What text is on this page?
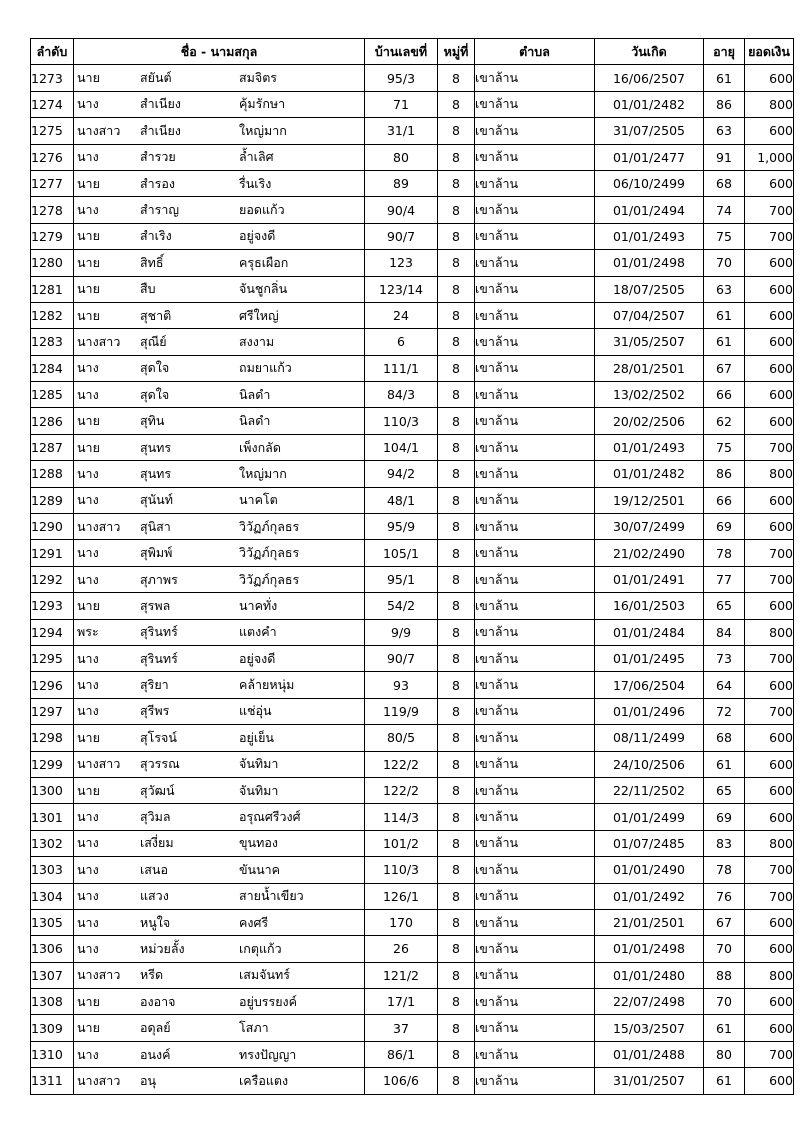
ลำดับ	ชื่อ - นามสกุล	บ้านเลขที่	หมู่ที่	ตำบล	วันเกิด	อายุ	ยอดเงิน
1273	นาย สยันต์ สมจิตร	95/3	8	เขาล้าน	16/06/2507	61	600
1274	นาง สำเนียง คุ้มรักษา	71	8	เขาล้าน	01/01/2482	86	800
1275	นางสาว สำเนียง ใหญ่มาก	31/1	8	เขาล้าน	31/07/2505	63	600
1276	นาง สำรวย ล้ำเลิศ	80	8	เขาล้าน	01/01/2477	91	1,000
1277	นาย สำรอง รื่นเริง	89	8	เขาล้าน	06/10/2499	68	600
1278	นาง สำราญ ยอดแก้ว	90/4	8	เขาล้าน	01/01/2494	74	700
1279	นาย สำเริง อยู่จงดี	90/7	8	เขาล้าน	01/01/2493	75	700
1280	นาย สิทธิ์ ครุธเผือก	123	8	เขาล้าน	01/01/2498	70	600
1281	นาย สืบ จันชูกลิ่น	123/14	8	เขาล้าน	18/07/2505	63	600
1282	นาย สุชาติ ศรีใหญ่	24	8	เขาล้าน	07/04/2507	61	600
1283	นางสาว สุณีย์ สงงาม	6	8	เขาล้าน	31/05/2507	61	600
1284	นาง สุดใจ ถมยาแก้ว	111/1	8	เขาล้าน	28/01/2501	67	600
1285	นาง สุดใจ นิลดำ	84/3	8	เขาล้าน	13/02/2502	66	600
1286	นาย สุทิน นิลดำ	110/3	8	เขาล้าน	20/02/2506	62	600
1287	นาย สุนทร เพ็งกลัด	104/1	8	เขาล้าน	01/01/2493	75	700
1288	นาง สุนทร ใหญ่มาก	94/2	8	เขาล้าน	01/01/2482	86	800
1289	นาง สุนันท์ นาคโต	48/1	8	เขาล้าน	19/12/2501	66	600
1290	นางสาว สุนิสา วิวัฏภ์กุลธร	95/9	8	เขาล้าน	30/07/2499	69	600
1291	นาง สุพิมพ์ วิวัฏภ์กุลธร	105/1	8	เขาล้าน	21/02/2490	78	700
1292	นาง สุภาพร วิวัฏภ์กุลธร	95/1	8	เขาล้าน	01/01/2491	77	700
1293	นาย สุรพล นาคทั่ง	54/2	8	เขาล้าน	16/01/2503	65	600
1294	พระ สุรินทร์ แตงคำ	9/9	8	เขาล้าน	01/01/2484	84	800
1295	นาง สุรินทร์ อยู่จงดี	90/7	8	เขาล้าน	01/01/2495	73	700
1296	นาง สุริยา คล้ายหนุ่ม	93	8	เขาล้าน	17/06/2504	64	600
1297	นาง สุรีพร แช่อุ่น	119/9	8	เขาล้าน	01/01/2496	72	700
1298	นาย สุโรจน์ อยู่เย็น	80/5	8	เขาล้าน	08/11/2499	68	600
1299	นางสาว สุวรรณ จันทิมา	122/2	8	เขาล้าน	24/10/2506	61	600
1300	นาย สุวัฒน์ จันทิมา	122/2	8	เขาล้าน	22/11/2502	65	600
1301	นาง สุวิมล อรุณศรีวงศ์	114/3	8	เขาล้าน	01/01/2499	69	600
1302	นาง เสงี่ยม ขุนทอง	101/2	8	เขาล้าน	01/07/2485	83	800
1303	นาง เสนอ ขันนาค	110/3	8	เขาล้าน	01/01/2490	78	700
1304	นาง แสวง สายน้ำเขียว	126/1	8	เขาล้าน	01/01/2492	76	700
1305	นาง หนูใจ คงศรี	170	8	เขาล้าน	21/01/2501	67	600
1306	นาง หม่วยลั้ง เกตุแก้ว	26	8	เขาล้าน	01/01/2498	70	600
1307	นางสาว หรีด เสมจันทร์	121/2	8	เขาล้าน	01/01/2480	88	800
1308	นาย องอาจ อยู่บรรยงค์	17/1	8	เขาล้าน	22/07/2498	70	600
1309	นาย อดุลย์ โสภา	37	8	เขาล้าน	15/03/2507	61	600
1310	นาง อนงค์ ทรงปัญญา	86/1	8	เขาล้าน	01/01/2488	80	700
1311	นางสาว อนุ เครือแตง	106/6	8	เขาล้าน	31/01/2507	61	600
